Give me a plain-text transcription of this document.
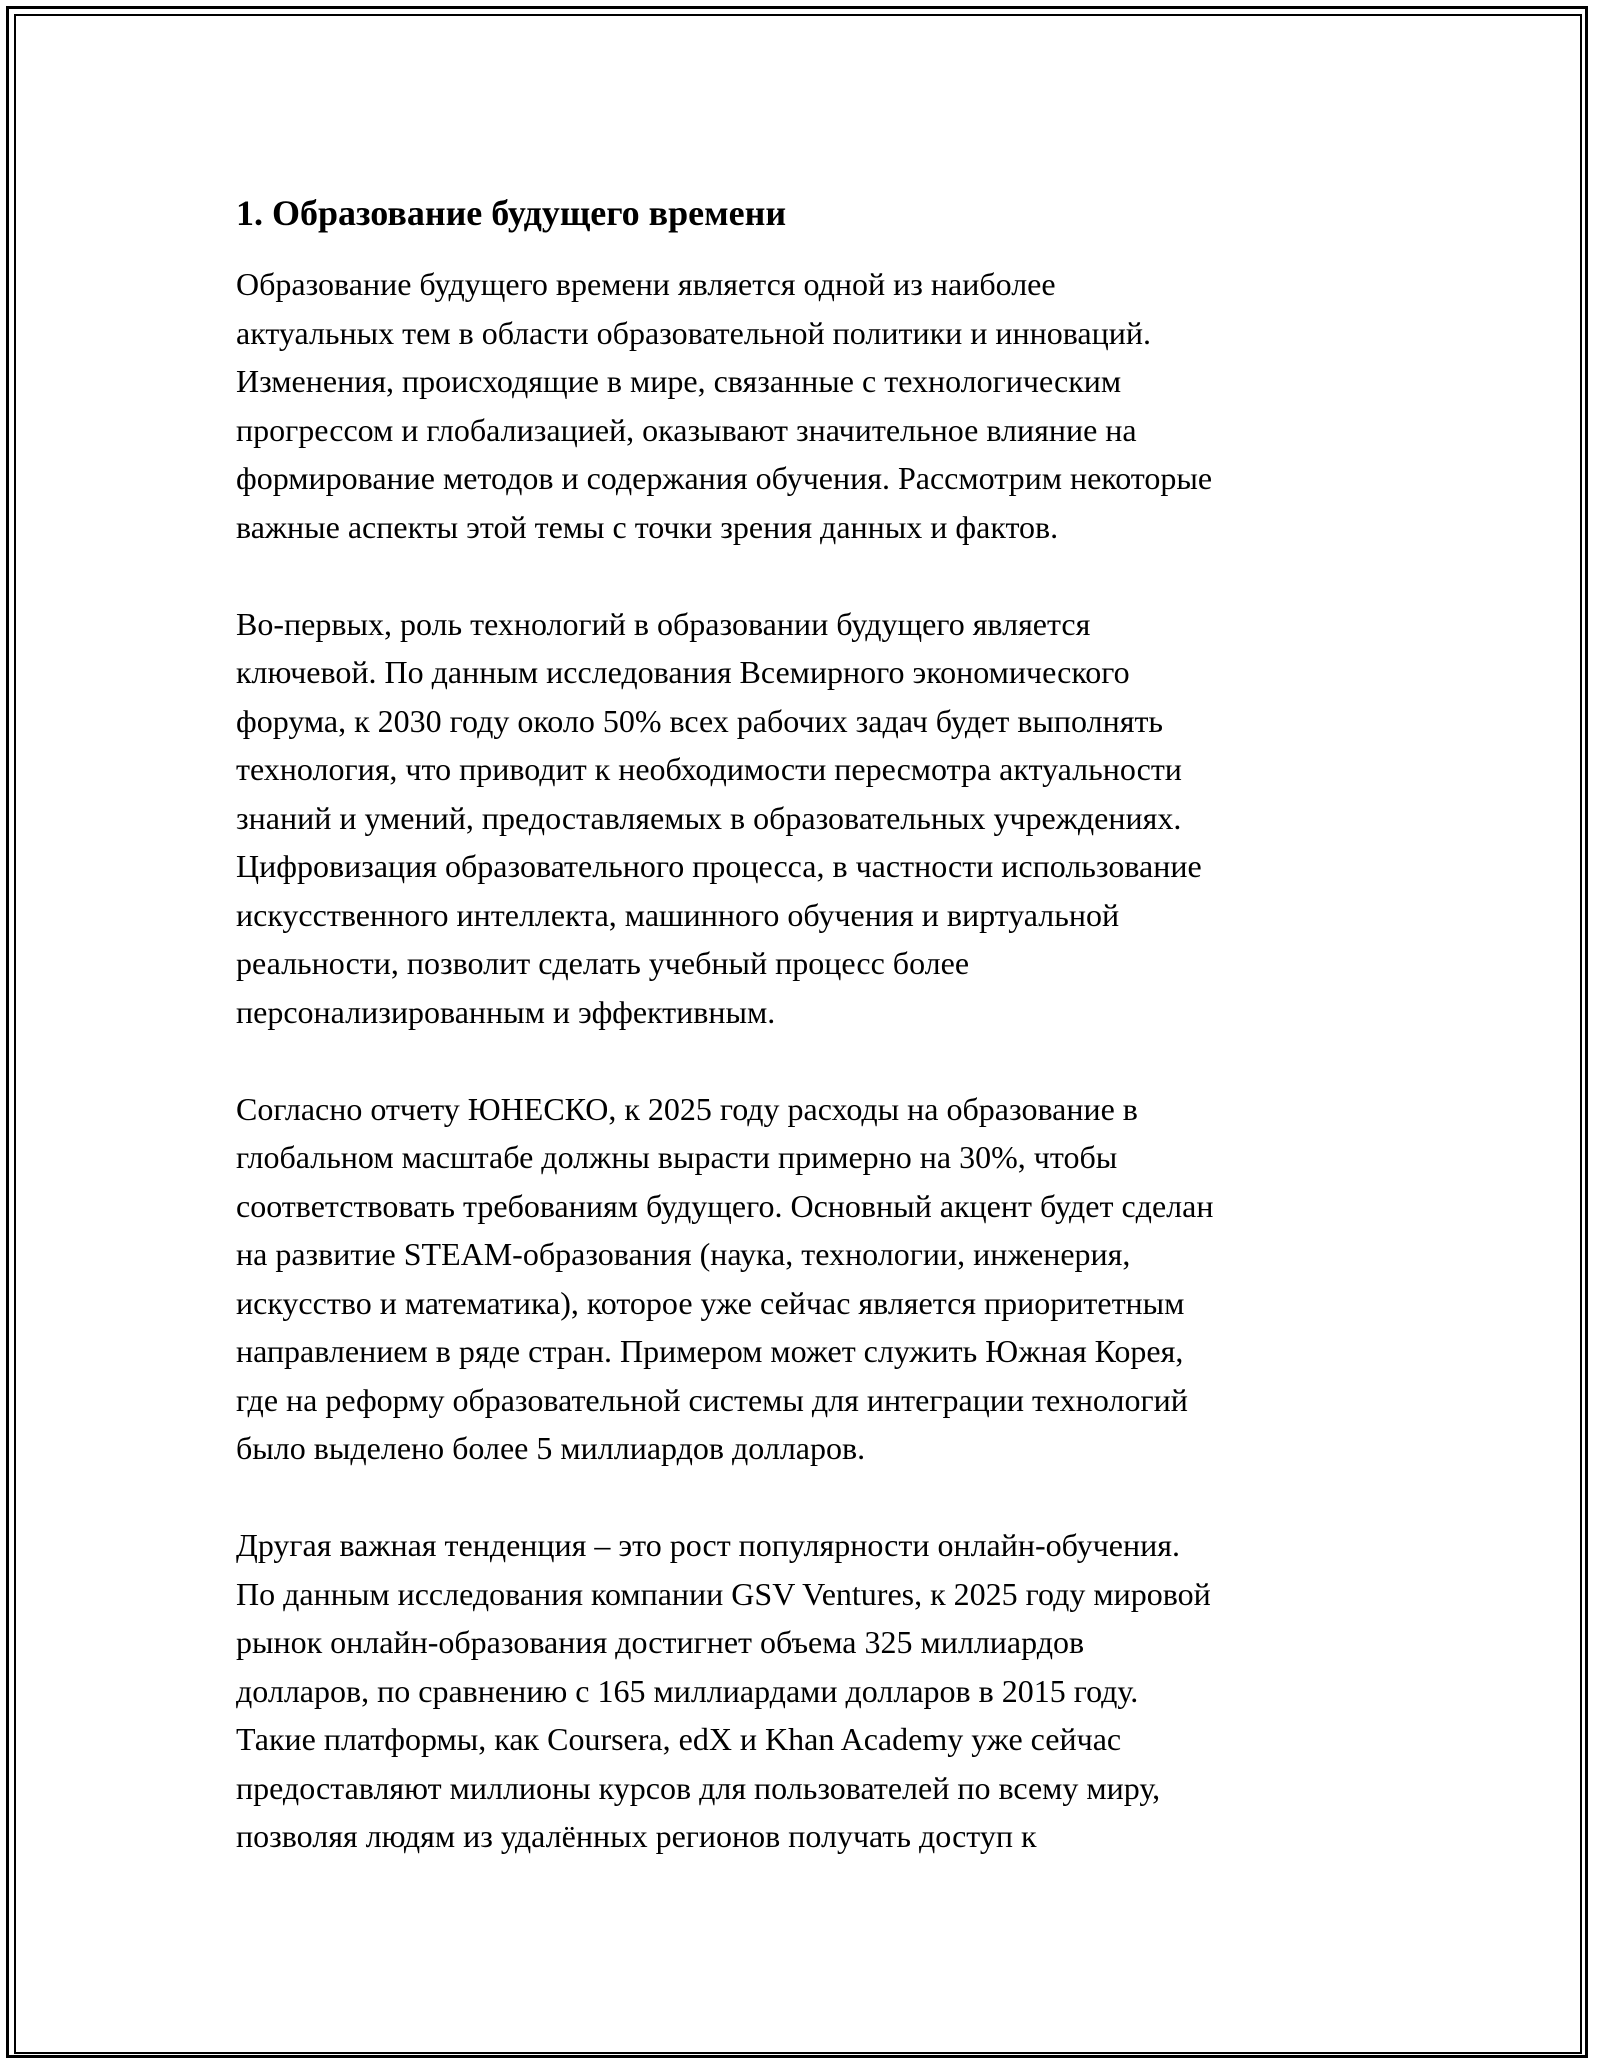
1. Образование будущего времени
Образование будущего времени является одной из наиболее
актуальных тем в области образовательной политики и инноваций.
Изменения, происходящие в мире, связанные с технологическим
прогрессом и глобализацией, оказывают значительное влияние на
формирование методов и содержания обучения. Рассмотрим некоторые
важные аспекты этой темы с точки зрения данных и фактов.
Во-первых, роль технологий в образовании будущего является
ключевой. По данным исследования Всемирного экономического
форума, к 2030 году около 50% всех рабочих задач будет выполнять
технология, что приводит к необходимости пересмотра актуальности
знаний и умений, предоставляемых в образовательных учреждениях.
Цифровизация образовательного процесса, в частности использование
искусственного интеллекта, машинного обучения и виртуальной
реальности, позволит сделать учебный процесс более
персонализированным и эффективным.
Согласно отчету ЮНЕСКО, к 2025 году расходы на образование в
глобальном масштабе должны вырасти примерно на 30%, чтобы
соответствовать требованиям будущего. Основный акцент будет сделан
на развитие STEAM-образования (наука, технологии, инженерия,
искусство и математика), которое уже сейчас является приоритетным
направлением в ряде стран. Примером может служить Южная Корея,
где на реформу образовательной системы для интеграции технологий
было выделено более 5 миллиардов долларов.
Другая важная тенденция – это рост популярности онлайн-обучения.
По данным исследования компании GSV Ventures, к 2025 году мировой
рынок онлайн-образования достигнет объема 325 миллиардов
долларов, по сравнению с 165 миллиардами долларов в 2015 году.
Такие платформы, как Coursera, edX и Khan Academy уже сейчас
предоставляют миллионы курсов для пользователей по всему миру,
позволяя людям из удалённых регионов получать доступ к
